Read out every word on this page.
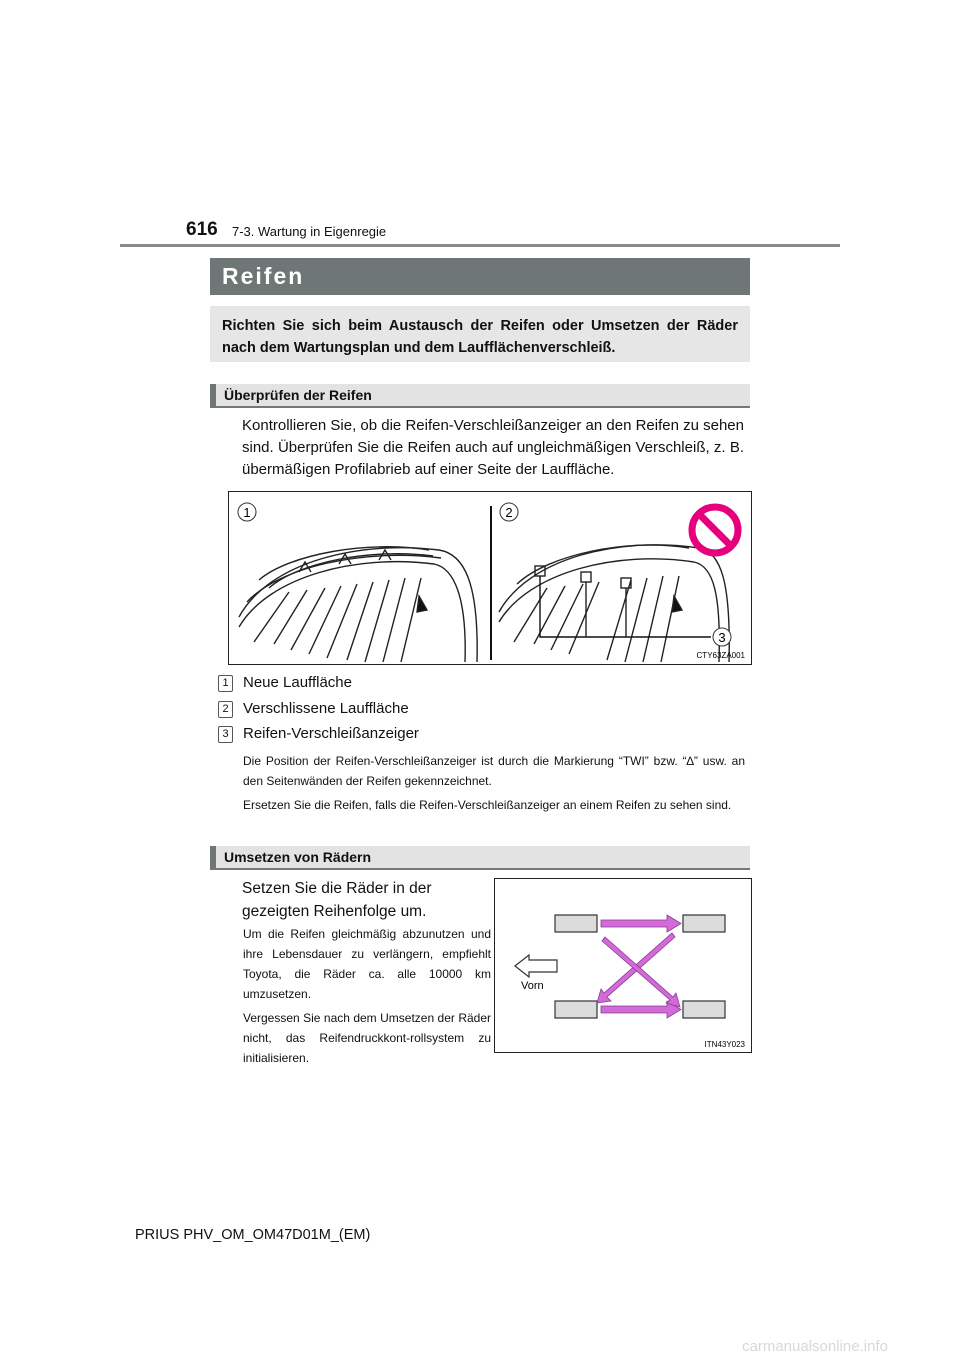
616 7-3. Wartung in Eigenregie
Reifen
Richten Sie sich beim Austausch der Reifen oder Umsetzen der Räder nach dem Wartungsplan und dem Laufflächenverschleiß.
Überprüfen der Reifen
Kontrollieren Sie, ob die Reifen-Verschleißanzeiger an den Reifen zu sehen sind. Überprüfen Sie die Reifen auch auf ungleichmäßigen Verschleiß, z. B. übermäßigen Profilabrieb auf einer Seite der Lauffläche.
1	2
3
CTY63ZA001
1 Neue Lauffläche
2 Verschlissene Lauffläche
3 Reifen-Verschleißanzeiger
Die Position der Reifen-Verschleißanzeiger ist durch die Markierung “TWI” bzw. “∆” usw. an den Seitenwänden der Reifen gekennzeichnet.
Ersetzen Sie die Reifen, falls die Reifen-Verschleißanzeiger an einem Reifen zu sehen sind.
Umsetzen von Rädern
Setzen Sie die Räder in der gezeigten Reihenfolge um.
Um die Reifen gleichmäßig abzunutzen und ihre Lebensdauer zu verlängern, empfiehlt Toyota, die Räder ca. alle 10000 km umzusetzen.
Vergessen Sie nach dem Umsetzen der Räder nicht, das Reifendruckkont-rollsystem zu initialisieren.
Vorn
ITN43Y023
PRIUS PHV_OM_OM47D01M_(EM)
carmanualsonline.info
